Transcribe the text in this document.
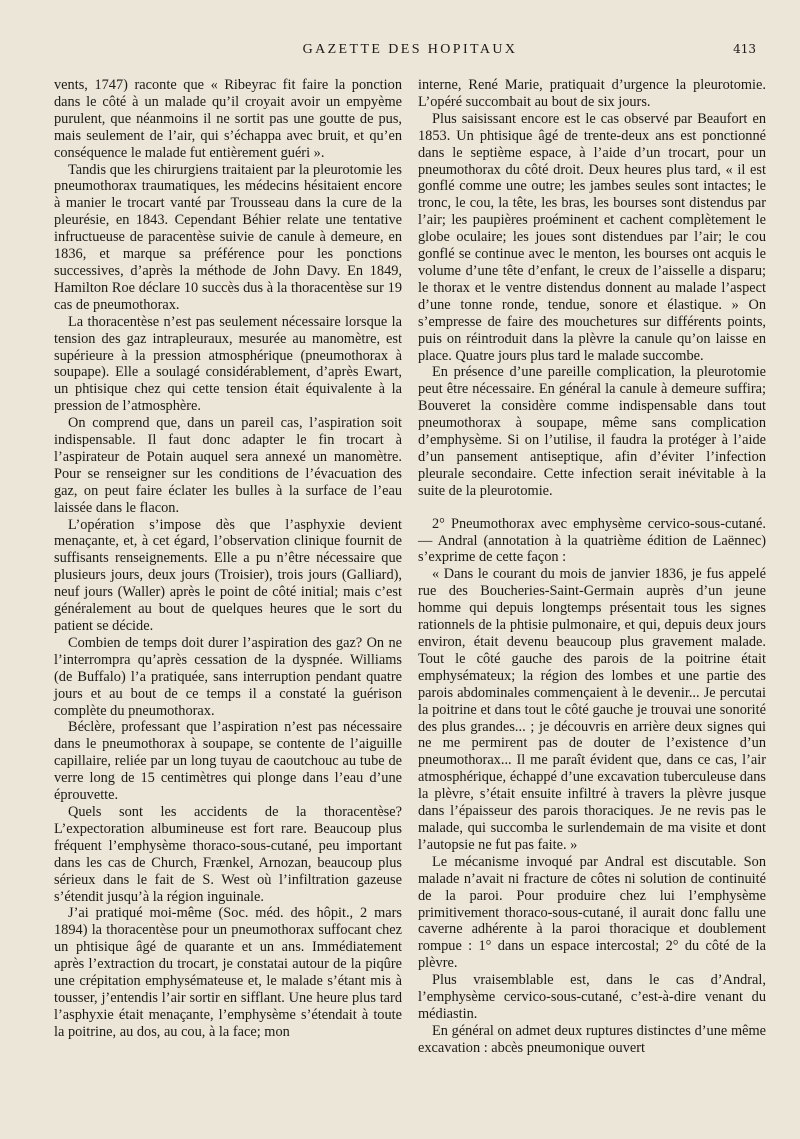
GAZETTE DES HOPITAUX	413

vents, 1747) raconte que « Ribeyrac fit faire la ponction dans le côté à un malade qu’il croyait avoir un empyème purulent, que néanmoins il ne sortit pas une goutte de pus, mais seulement de l’air, qui s’échappa avec bruit, et qu’en conséquence le malade fut entièrement guéri ».

Tandis que les chirurgiens traitaient par la pleurotomie les pneumothorax traumatiques, les médecins hésitaient encore à manier le trocart vanté par Trousseau dans la cure de la pleurésie, en 1843. Cependant Béhier relate une tentative infructueuse de paracentèse suivie de canule à demeure, en 1836, et marque sa préférence pour les ponctions successives, d’après la méthode de John Davy. En 1849, Hamilton Roe déclare 10 succès dus à la thoracentèse sur 19 cas de pneumothorax.

La thoracentèse n’est pas seulement nécessaire lorsque la tension des gaz intrapleuraux, mesurée au manomètre, est supérieure à la pression atmosphérique (pneumothorax à soupape). Elle a soulagé considérablement, d’après Ewart, un phtisique chez qui cette tension était équivalente à la pression de l’atmosphère.

On comprend que, dans un pareil cas, l’aspiration soit indispensable. Il faut donc adapter le fin trocart à l’aspirateur de Potain auquel sera annexé un manomètre. Pour se renseigner sur les conditions de l’évacuation des gaz, on peut faire éclater les bulles à la surface de l’eau laissée dans le flacon.

L’opération s’impose dès que l’asphyxie devient menaçante, et, à cet égard, l’observation clinique fournit de suffisants renseignements. Elle a pu n’être nécessaire que plusieurs jours, deux jours (Troisier), trois jours (Galliard), neuf jours (Waller) après le point de côté initial; mais c’est généralement au bout de quelques heures que le sort du patient se décide.

Combien de temps doit durer l’aspiration des gaz? On ne l’interrompra qu’après cessation de la dyspnée. Williams (de Buffalo) l’a pratiquée, sans interruption pendant quatre jours et au bout de ce temps il a constaté la guérison complète du pneumothorax.

Béclère, professant que l’aspiration n’est pas nécessaire dans le pneumothorax à soupape, se contente de l’aiguille capillaire, reliée par un long tuyau de caoutchouc au tube de verre long de 15 centimètres qui plonge dans l’eau d’une éprouvette.

Quels sont les accidents de la thoracentèse? L’expectoration albumineuse est fort rare. Beaucoup plus fréquent l’emphysème thoraco-sous-cutané, peu important dans les cas de Church, Frænkel, Arnozan, beaucoup plus sérieux dans le fait de S. West où l’infiltration gazeuse s’étendit jusqu’à la région inguinale.

J’ai pratiqué moi-même (Soc. méd. des hôpit., 2 mars 1894) la thoracentèse pour un pneumothorax suffocant chez un phtisique âgé de quarante et un ans. Immédiatement après l’extraction du trocart, je constatai autour de la piqûre une crépitation emphysémateuse et, le malade s’étant mis à tousser, j’entendis l’air sortir en sifflant. Une heure plus tard l’asphyxie était menaçante, l’emphysème s’étendait à toute la poitrine, au dos, au cou, à la face; mon

interne, René Marie, pratiquait d’urgence la pleurotomie. L’opéré succombait au bout de six jours.

Plus saisissant encore est le cas observé par Beaufort en 1853. Un phtisique âgé de trente-deux ans est ponctionné dans le septième espace, à l’aide d’un trocart, pour un pneumothorax du côté droit. Deux heures plus tard, « il est gonflé comme une outre; les jambes seules sont intactes; le tronc, le cou, la tête, les bras, les bourses sont distendus par l’air; les paupières proéminent et cachent complètement le globe oculaire; les joues sont distendues par l’air; le cou gonflé se continue avec le menton, les bourses ont acquis le volume d’une tête d’enfant, le creux de l’aisselle a disparu; le thorax et le ventre distendus donnent au malade l’aspect d’une tonne ronde, tendue, sonore et élastique. » On s’empresse de faire des mouchetures sur différents points, puis on réintroduit dans la plèvre la canule qu’on laisse en place. Quatre jours plus tard le malade succombe.

En présence d’une pareille complication, la pleurotomie peut être nécessaire. En général la canule à demeure suffira; Bouveret la considère comme indispensable dans tout pneumothorax à soupape, même sans complication d’emphysème. Si on l’utilise, il faudra la protéger à l’aide d’un pansement antiseptique, afin d’éviter l’infection pleurale secondaire. Cette infection serait inévitable à la suite de la pleurotomie.

2° Pneumothorax avec emphysème cervico-sous-cutané. — Andral (annotation à la quatrième édition de Laënnec) s’exprime de cette façon :

« Dans le courant du mois de janvier 1836, je fus appelé rue des Boucheries-Saint-Germain auprès d’un jeune homme qui depuis longtemps présentait tous les signes rationnels de la phtisie pulmonaire, et qui, depuis deux jours environ, était devenu beaucoup plus gravement malade. Tout le côté gauche des parois de la poitrine était emphysémateux; la région des lombes et une partie des parois abdominales commençaient à le devenir... Je percutai la poitrine et dans tout le côté gauche je trouvai une sonorité des plus grandes... ; je découvris en arrière deux signes qui ne me permirent pas de douter de l’existence d’un pneumothorax... Il me paraît évident que, dans ce cas, l’air atmosphérique, échappé d’une excavation tuberculeuse dans la plèvre, s’était ensuite infiltré à travers la plèvre jusque dans l’épaisseur des parois thoraciques. Je ne revis pas le malade, qui succomba le surlendemain de ma visite et dont l’autopsie ne fut pas faite. »

Le mécanisme invoqué par Andral est discutable. Son malade n’avait ni fracture de côtes ni solution de continuité de la paroi. Pour produire chez lui l’emphysème primitivement thoraco-sous-cutané, il aurait donc fallu une caverne adhérente à la paroi thoracique et doublement rompue : 1° dans un espace intercostal; 2° du côté de la plèvre.

Plus vraisemblable est, dans le cas d’Andral, l’emphysème cervico-sous-cutané, c’est-à-dire venant du médiastin.

En général on admet deux ruptures distinctes d’une même excavation : abcès pneumonique ouvert
